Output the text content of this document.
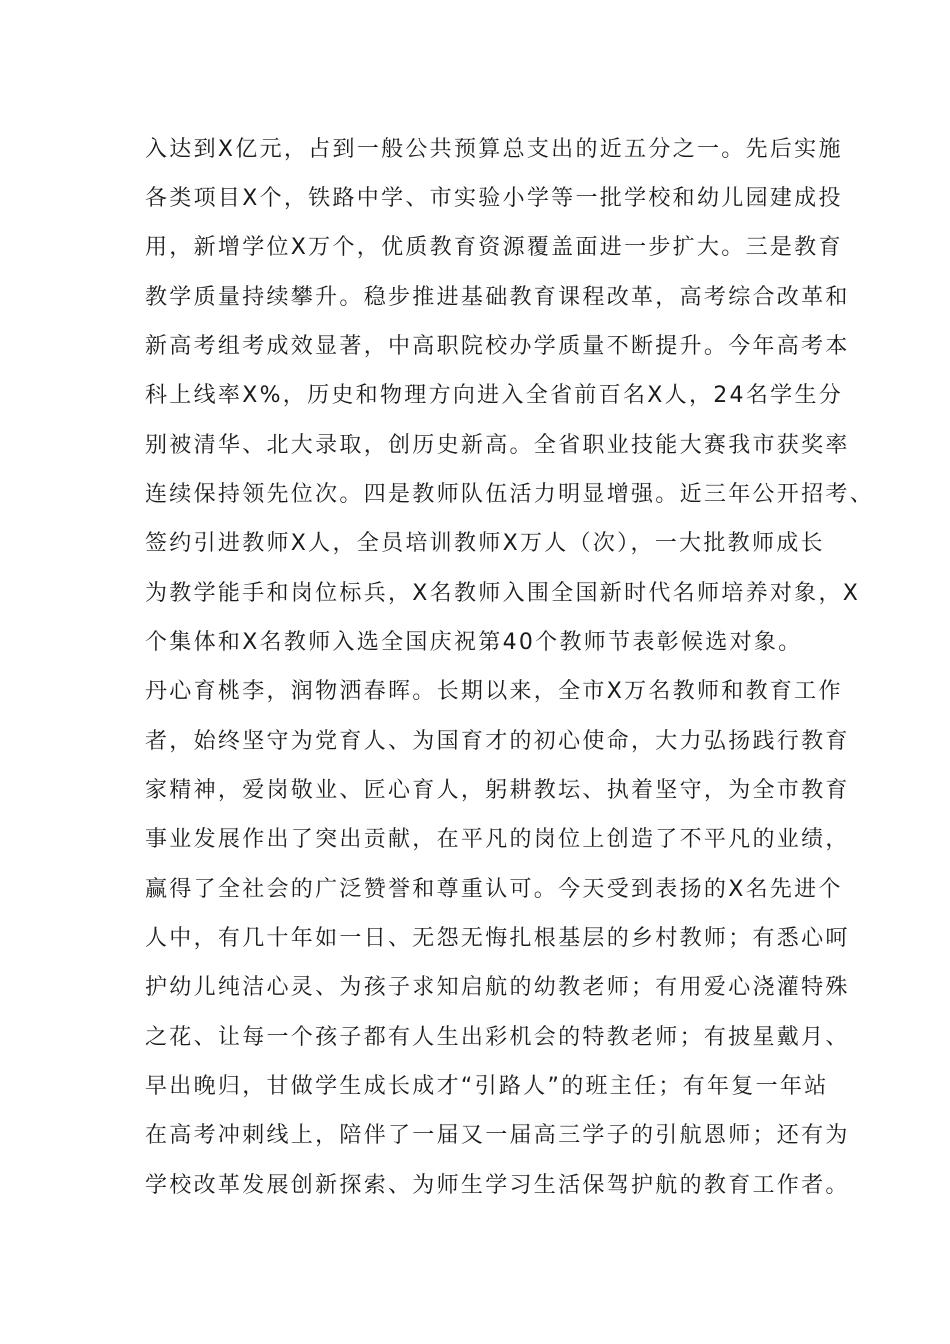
入达到X亿元，占到一般公共预算总支出的近五分之一。先后实施
各类项目X个，铁路中学、市实验小学等一批学校和幼儿园建成投
用，新增学位X万个，优质教育资源覆盖面进一步扩大。三是教育
教学质量持续攀升。稳步推进基础教育课程改革，高考综合改革和
新高考组考成效显著，中高职院校办学质量不断提升。今年高考本
科上线率X%，历史和物理方向进入全省前百名X人，24名学生分
别被清华、北大录取，创历史新高。全省职业技能大赛我市获奖率
连续保持领先位次。四是教师队伍活力明显增强。近三年公开招考、
签约引进教师X人，全员培训教师X万人（次），一大批教师成长
为教学能手和岗位标兵，X名教师入围全国新时代名师培养对象，X
个集体和X名教师入选全国庆祝第40个教师节表彰候选对象。
丹心育桃李，润物洒春晖。长期以来，全市X万名教师和教育工作
者，始终坚守为党育人、为国育才的初心使命，大力弘扬践行教育
家精神，爱岗敬业、匠心育人，躬耕教坛、执着坚守，为全市教育
事业发展作出了突出贡献，在平凡的岗位上创造了不平凡的业绩，
赢得了全社会的广泛赞誉和尊重认可。今天受到表扬的X名先进个
人中，有几十年如一日、无怨无悔扎根基层的乡村教师；有悉心呵
护幼儿纯洁心灵、为孩子求知启航的幼教老师；有用爱心浇灌特殊
之花、让每一个孩子都有人生出彩机会的特教老师；有披星戴月、
早出晚归，甘做学生成长成才“引路人”的班主任；有年复一年站
在高考冲刺线上，陪伴了一届又一届高三学子的引航恩师；还有为
学校改革发展创新探索、为师生学习生活保驾护航的教育工作者。
